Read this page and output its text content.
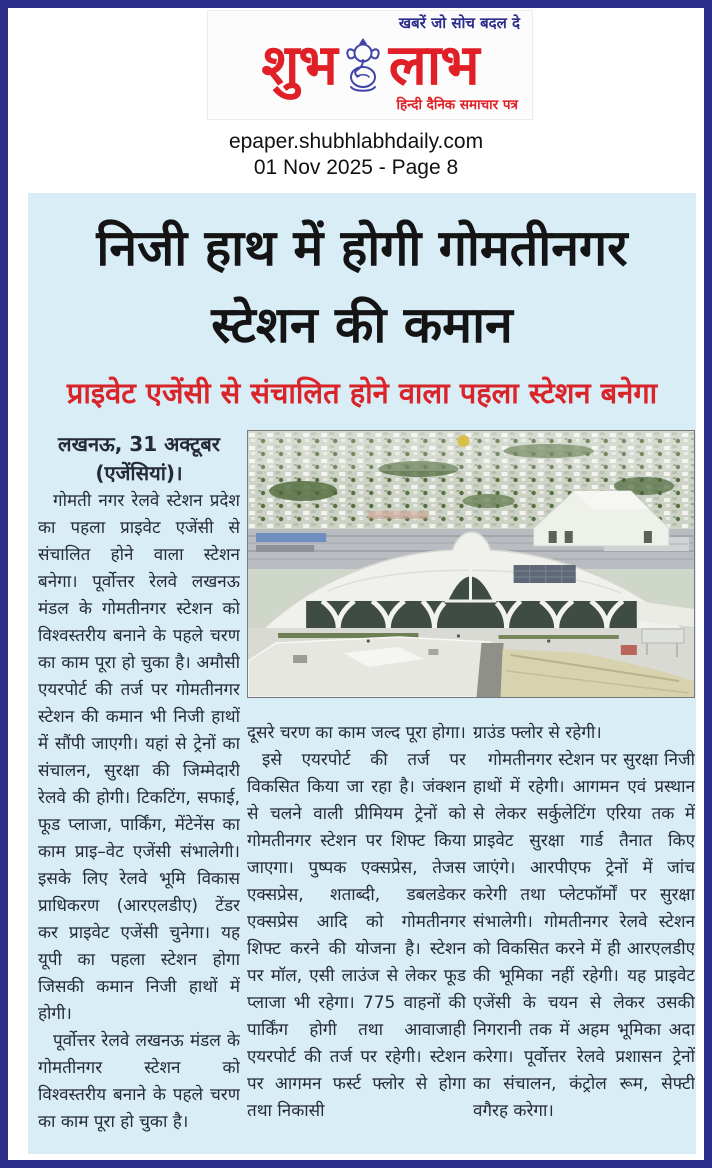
खबरें जो सोच बदल दे
शुभ लाभ
हिन्दी दैनिक समाचार पत्र
epaper.shubhlabhdaily.com
01 Nov 2025 - Page 8
निजी हाथ में होगी गोमतीनगर
स्टेशन की कमान
प्राइवेट एजेंसी से संचालित होने वाला पहला स्टेशन बनेगा

लखनऊ, 31 अक्टूबर
(एजेंसियां)।

गोमती नगर रेलवे स्टेशन प्रदेश का पहला प्राइवेट एजेंसी से संचालित होने वाला स्टेशन बनेगा। पूर्वोत्तर रेलवे लखनऊ मंडल के गोमतीनगर स्टेशन को विश्वस्तरीय बनाने के पहले चरण का काम पूरा हो चुका है। अमौसी एयरपोर्ट की तर्ज पर गोमतीनगर स्टेशन की कमान भी निजी हाथों में सौंपी जाएगी। यहां से ट्रेनों का संचालन, सुरक्षा की जिम्मेदारी रेलवे की होगी। टिकटिंग, सफाई, फूड प्लाजा, पार्किंग, मेंटेनेंस का काम प्राइ–वेट एजेंसी संभालेगी। इसके लिए रेलवे भूमि विकास प्राधिकरण (आरएलडीए) टेंडर कर प्राइवेट एजेंसी चुनेगा। यह यूपी का पहला स्टेशन होगा जिसकी कमान निजी हाथों में होगी।

पूर्वोत्तर रेलवे लखनऊ मंडल के गोमतीनगर स्टेशन को विश्वस्तरीय बनाने के पहले चरण का काम पूरा हो चुका है।

दूसरे चरण का काम जल्द पूरा होगा।

इसे एयरपोर्ट की तर्ज पर विकसित किया जा रहा है। जंक्शन से चलने वाली प्रीमियम ट्रेनों को गोमतीनगर स्टेशन पर शिफ्ट किया जाएगा। पुष्पक एक्सप्रेस, तेजस एक्सप्रेस, शताब्दी, डबलडेकर एक्सप्रेस आदि को गोमतीनगर शिफ्ट करने की योजना है। स्टेशन पर मॉल, एसी लाउंज से लेकर फूड प्लाजा भी रहेगा। 775 वाहनों की पार्किंग होगी तथा आवाजाही एयरपोर्ट की तर्ज पर रहेगी। स्टेशन पर आगमन फर्स्ट फ्लोर से होगा तथा निकासी

ग्राउंड फ्लोर से रहेगी।

गोमतीनगर स्टेशन पर सुरक्षा निजी हाथों में रहेगी। आगमन एवं प्रस्थान से लेकर सर्कुलेटिंग एरिया तक में प्राइवेट सुरक्षा गार्ड तैनात किए जाएंगे। आरपीएफ ट्रेनों में जांच करेगी तथा प्लेटफॉर्मों पर सुरक्षा संभालेगी। गोमतीनगर रेलवे स्टेशन को विकसित करने में ही आरएलडीए की भूमिका नहीं रहेगी। यह प्राइवेट एजेंसी के चयन से लेकर उसकी निगरानी तक में अहम भूमिका अदा करेगा। पूर्वोत्तर रेलवे प्रशासन ट्रेनों का संचालन, कंट्रोल रूम, सेफ्टी वगैरह करेगा।
